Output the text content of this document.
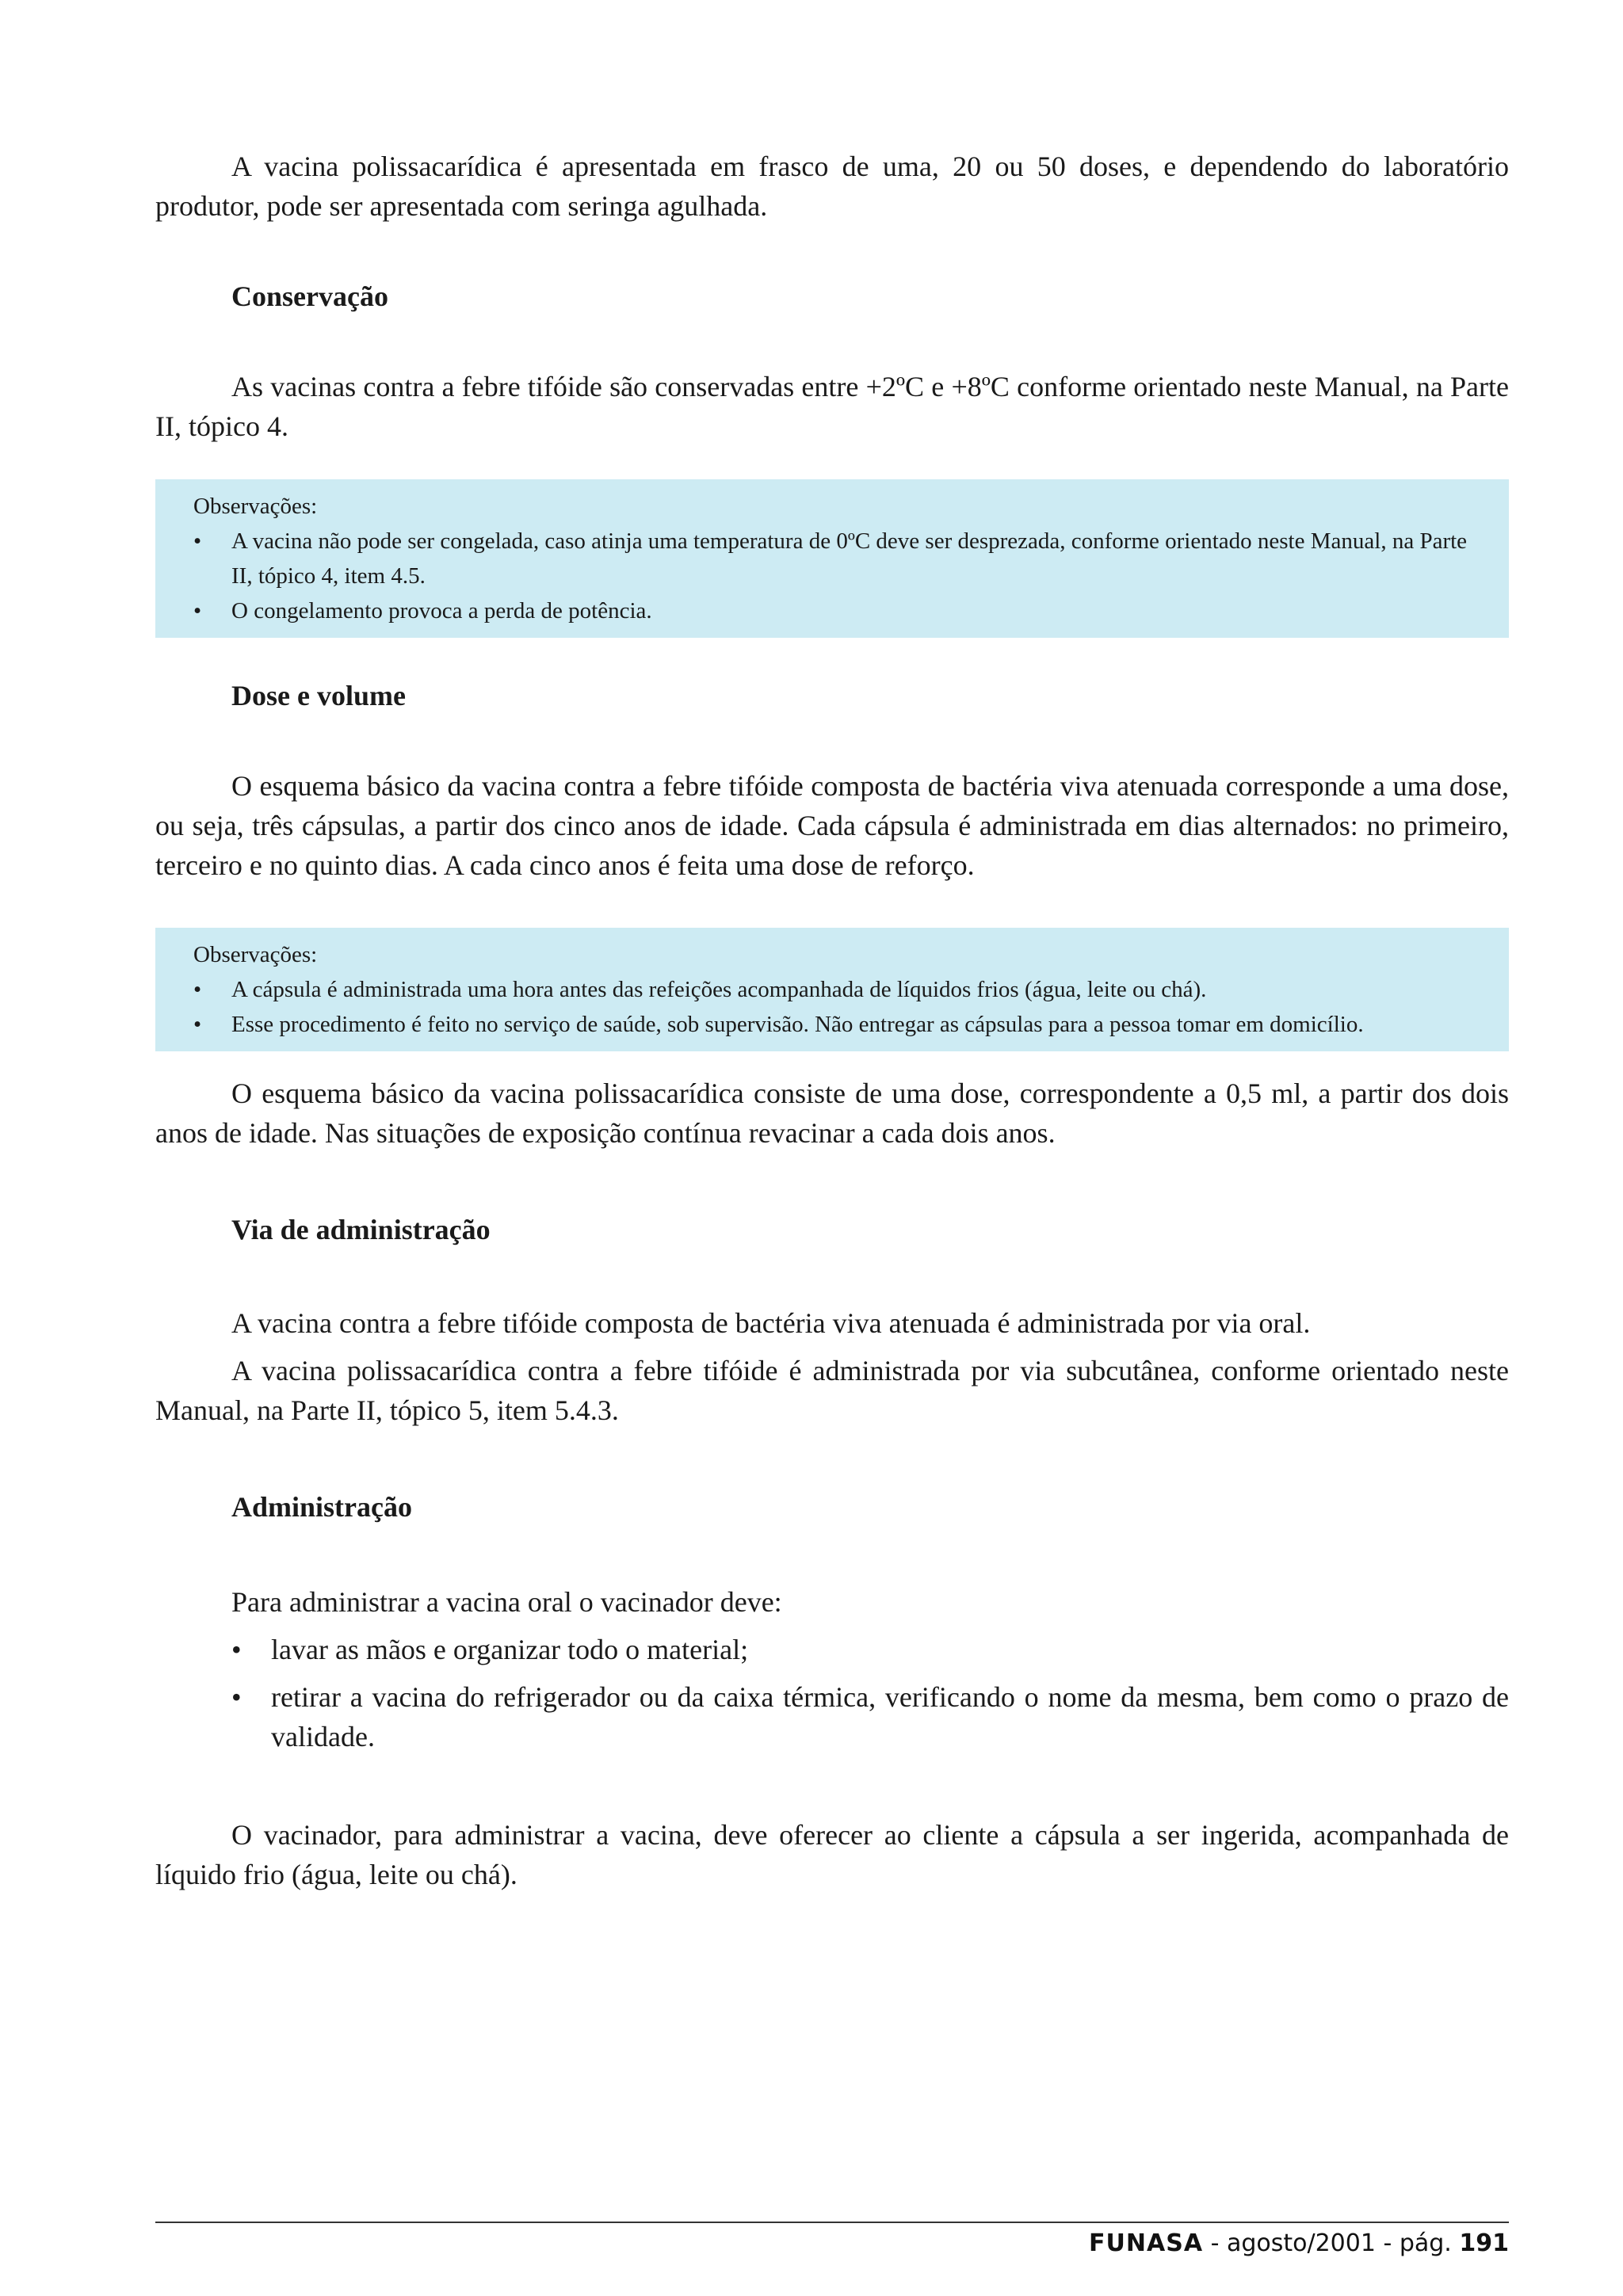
A vacina polissacarídica é apresentada em frasco de uma, 20 ou 50 doses, e dependendo do laboratório produtor, pode ser apresentada com seringa agulhada.

Conservação

As vacinas contra a febre tifóide são conservadas entre +2ºC e +8ºC conforme orientado neste Manual, na Parte II, tópico 4.

Observações:

• A vacina não pode ser congelada, caso atinja uma temperatura de 0ºC deve ser desprezada, conforme orientado neste Manual, na Parte II, tópico 4, item 4.5.
• O congelamento provoca a perda de potência.
Dose e volume

O esquema básico da vacina contra a febre tifóide composta de bactéria viva atenuada corresponde a uma dose, ou seja, três cápsulas, a partir dos cinco anos de idade. Cada cápsula é administrada em dias alternados: no primeiro, terceiro e no quinto dias. A cada cinco anos é feita uma dose de reforço.

Observações:

• A cápsula é administrada uma hora antes das refeições acompanhada de líquidos frios (água, leite ou chá).
• Esse procedimento é feito no serviço de saúde, sob supervisão. Não entregar as cápsulas para a pessoa tomar em domicílio.

O esquema básico da vacina polissacarídica consiste de uma dose, correspondente a 0,5 ml, a partir dos dois anos de idade. Nas situações de exposição contínua revacinar a cada dois anos.

Via de administração

A vacina contra a febre tifóide composta de bactéria viva atenuada é administrada por via oral.

A vacina polissacarídica contra a febre tifóide é administrada por via subcutânea, conforme orientado neste Manual, na Parte II, tópico 5, item 5.4.3.

Administração

Para administrar a vacina oral o vacinador deve:

• lavar as mãos e organizar todo o material;
• retirar a vacina do refrigerador ou da caixa térmica, verificando o nome da mesma, bem como o prazo de validade.

O vacinador, para administrar a vacina, deve oferecer ao cliente a cápsula a ser ingerida, acompanhada de líquido frio (água, leite ou chá).

FUNASA - agosto/2001 - pág. 191
